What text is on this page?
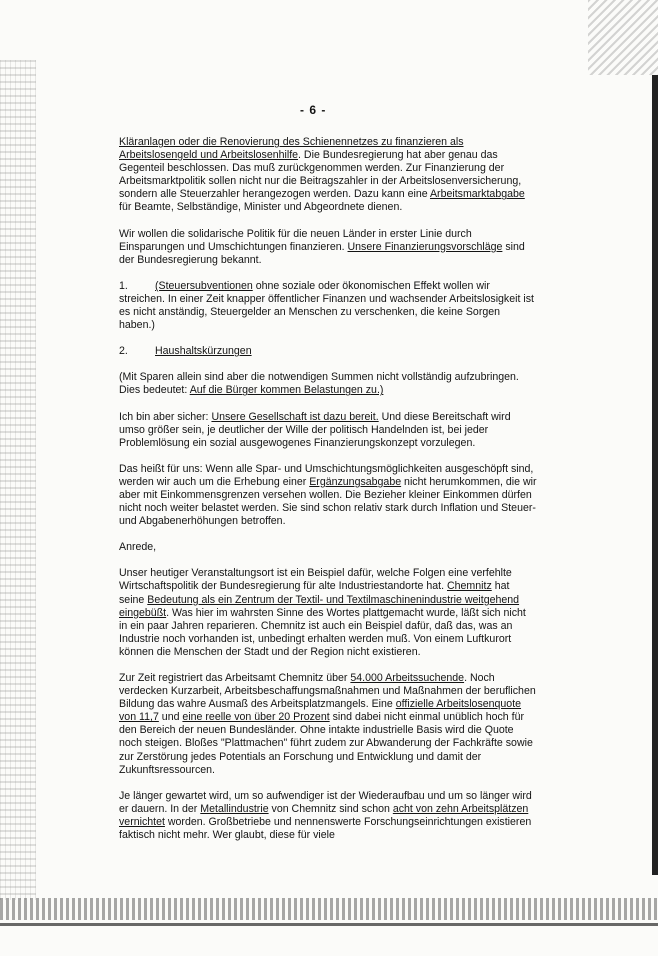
- 6 -

Kläranlagen oder die Renovierung des Schienennetzes zu finanzieren als Arbeitslosengeld und Arbeitslosenhilfe. Die Bundesregierung hat aber genau das Gegenteil beschlossen. Das muß zurückgenommen werden. Zur Finanzierung der Arbeitsmarktpolitik sollen nicht nur die Beitragszahler in der Arbeitslosenversicherung, sondern alle Steuerzahler herangezogen werden. Dazu kann eine Arbeitsmarktabgabe für Beamte, Selbständige, Minister und Abgeordnete dienen.

Wir wollen die solidarische Politik für die neuen Länder in erster Linie durch Einsparungen und Umschichtungen finanzieren. Unsere Finanzierungsvorschläge sind der Bundesregierung bekannt.

1.	(Steuersubventionen ohne soziale oder ökonomischen Effekt wollen wir streichen. In einer Zeit knapper öffentlicher Finanzen und wachsender Arbeitslosigkeit ist es nicht anständig, Steuergelder an Menschen zu verschenken, die keine Sorgen haben.)

2.	Haushaltskürzungen

(Mit Sparen allein sind aber die notwendigen Summen nicht vollständig aufzubringen. Dies bedeutet: Auf die Bürger kommen Belastungen zu.)

Ich bin aber sicher: Unsere Gesellschaft ist dazu bereit. Und diese Bereitschaft wird umso größer sein, je deutlicher der Wille der politisch Handelnden ist, bei jeder Problemlösung ein sozial ausgewogenes Finanzierungskonzept vorzulegen.

Das heißt für uns: Wenn alle Spar- und Umschichtungsmöglichkeiten ausgeschöpft sind, werden wir auch um die Erhebung einer Ergänzungsabgabe nicht herumkommen, die wir aber mit Einkommensgrenzen versehen wollen. Die Bezieher kleiner Einkommen dürfen nicht noch weiter belastet werden. Sie sind schon relativ stark durch Inflation und Steuer- und Abgabenerhöhungen betroffen.

Anrede,

Unser heutiger Veranstaltungsort ist ein Beispiel dafür, welche Folgen eine verfehlte Wirtschaftspolitik der Bundesregierung für alte Industriestandorte hat. Chemnitz hat seine Bedeutung als ein Zentrum der Textil- und Textilmaschinenindustrie weitgehend eingebüßt. Was hier im wahrsten Sinne des Wortes plattgemacht wurde, läßt sich nicht in ein paar Jahren reparieren. Chemnitz ist auch ein Beispiel dafür, daß das, was an Industrie noch vorhanden ist, unbedingt erhalten werden muß. Von einem Luftkurort können die Menschen der Stadt und der Region nicht existieren.

Zur Zeit registriert das Arbeitsamt Chemnitz über 54.000 Arbeitssuchende. Noch verdecken Kurzarbeit, Arbeitsbeschaffungsmaßnahmen und Maßnahmen der beruflichen Bildung das wahre Ausmaß des Arbeitsplatzmangels. Eine offizielle Arbeitslosenquote von 11,7 und eine reelle von über 20 Prozent sind dabei nicht einmal unüblich hoch für den Bereich der neuen Bundesländer. Ohne intakte industrielle Basis wird die Quote noch steigen. Bloßes "Plattmachen" führt zudem zur Abwanderung der Fachkräfte sowie zur Zerstörung jedes Potentials an Forschung und Entwicklung und damit der Zukunftsressourcen.

Je länger gewartet wird, um so aufwendiger ist der Wiederaufbau und um so länger wird er dauern. In der Metallindustrie von Chemnitz sind schon acht von zehn Arbeitsplätzen vernichtet worden. Großbetriebe und nennenswerte Forschungseinrichtungen existieren faktisch nicht mehr. Wer glaubt, diese für viele
